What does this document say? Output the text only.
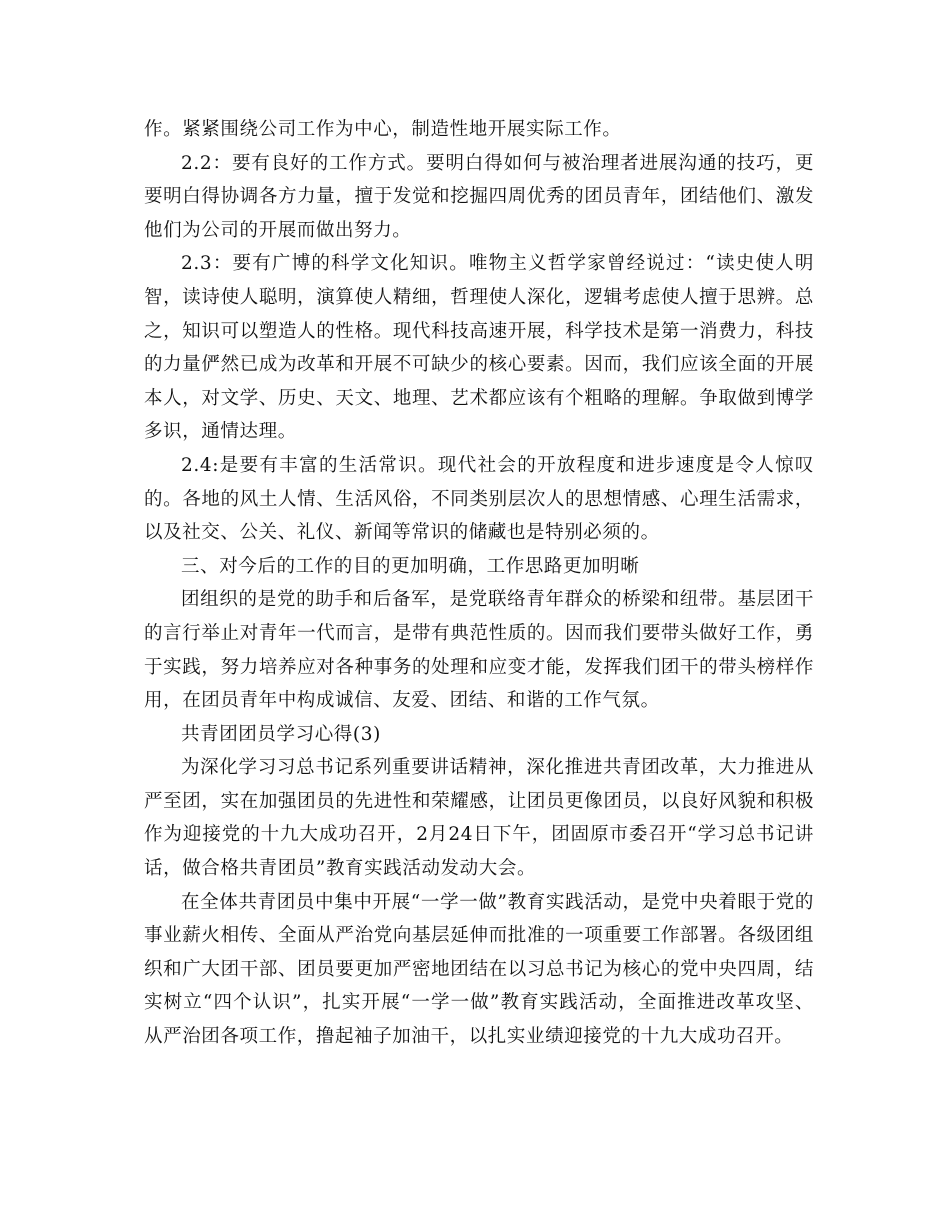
作。紧紧围绕公司工作为中心，制造性地开展实际工作。

2.2：要有良好的工作方式。要明白得如何与被治理者进展沟通的技巧，更要明白得协调各方力量，擅于发觉和挖掘四周优秀的团员青年，团结他们、激发他们为公司的开展而做出努力。

2.3：要有广博的科学文化知识。唯物主义哲学家曾经说过：“读史使人明智，读诗使人聪明，演算使人精细，哲理使人深化，逻辑考虑使人擅于思辨。总之，知识可以塑造人的性格。现代科技高速开展，科学技术是第一消费力，科技的力量俨然已成为改革和开展不可缺少的核心要素。因而，我们应该全面的开展本人，对文学、历史、天文、地理、艺术都应该有个粗略的理解。争取做到博学多识，通情达理。

2.4:是要有丰富的生活常识。现代社会的开放程度和进步速度是令人惊叹的。各地的风土人情、生活风俗，不同类别层次人的思想情感、心理生活需求，以及社交、公关、礼仪、新闻等常识的储藏也是特别必须的。

三、对今后的工作的目的更加明确，工作思路更加明晰

团组织的是党的助手和后备军，是党联络青年群众的桥梁和纽带。基层团干的言行举止对青年一代而言，是带有典范性质的。因而我们要带头做好工作，勇于实践，努力培养应对各种事务的处理和应变才能，发挥我们团干的带头榜样作用，在团员青年中构成诚信、友爱、团结、和谐的工作气氛。

共青团团员学习心得(3)

为深化学习习总书记系列重要讲话精神，深化推进共青团改革，大力推进从严至团，实在加强团员的先进性和荣耀感，让团员更像团员，以良好风貌和积极作为迎接党的十九大成功召开，2月24日下午，团固原市委召开“学习总书记讲话，做合格共青团员”教育实践活动发动大会。

在全体共青团员中集中开展“一学一做”教育实践活动，是党中央着眼于党的事业薪火相传、全面从严治党向基层延伸而批准的一项重要工作部署。各级团组织和广大团干部、团员要更加严密地团结在以习总书记为核心的党中央四周，结实树立“四个认识”，扎实开展“一学一做”教育实践活动，全面推进改革攻坚、从严治团各项工作，撸起袖子加油干，以扎实业绩迎接党的十九大成功召开。
